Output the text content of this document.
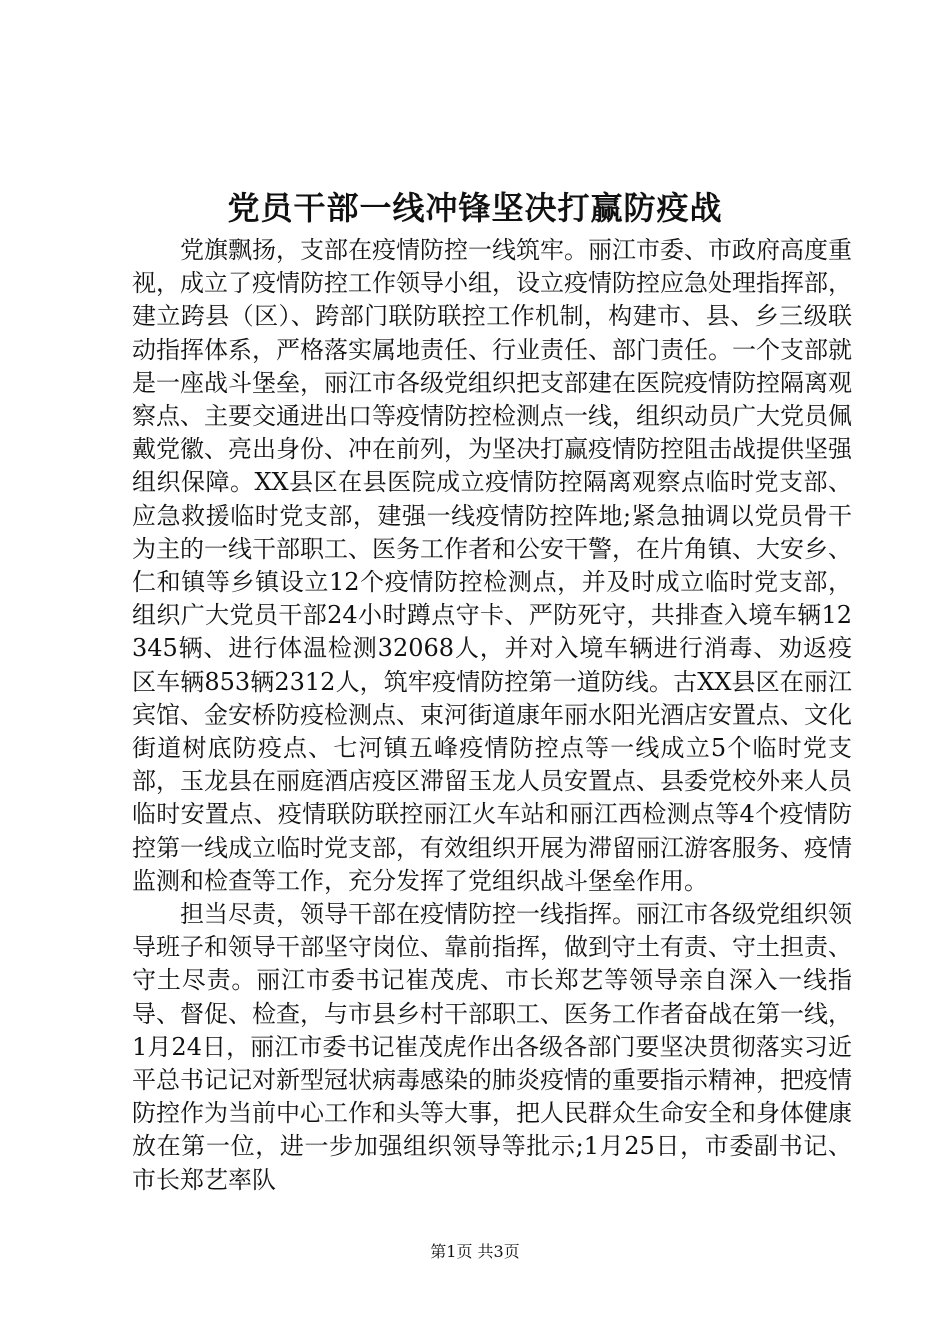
党员干部一线冲锋坚决打赢防疫战

党旗飘扬，支部在疫情防控一线筑牢。丽江市委、市政府高度重视，成立了疫情防控工作领导小组，设立疫情防控应急处理指挥部，建立跨县（区）、跨部门联防联控工作机制，构建市、县、乡三级联动指挥体系，严格落实属地责任、行业责任、部门责任。一个支部就是一座战斗堡垒，丽江市各级党组织把支部建在医院疫情防控隔离观察点、主要交通进出口等疫情防控检测点一线，组织动员广大党员佩戴党徽、亮出身份、冲在前列，为坚决打赢疫情防控阻击战提供坚强组织保障。XX县区在县医院成立疫情防控隔离观察点临时党支部、应急救援临时党支部，建强一线疫情防控阵地;紧急抽调以党员骨干为主的一线干部职工、医务工作者和公安干警，在片角镇、大安乡、仁和镇等乡镇设立12个疫情防控检测点，并及时成立临时党支部，组织广大党员干部24小时蹲点守卡、严防死守，共排查入境车辆12345辆、进行体温检测32068人，并对入境车辆进行消毒、劝返疫区车辆853辆2312人，筑牢疫情防控第一道防线。古XX县区在丽江宾馆、金安桥防疫检测点、束河街道康年丽水阳光酒店安置点、文化街道树底防疫点、七河镇五峰疫情防控点等一线成立5个临时党支部，玉龙县在丽庭酒店疫区滞留玉龙人员安置点、县委党校外来人员临时安置点、疫情联防联控丽江火车站和丽江西检测点等4个疫情防控第一线成立临时党支部，有效组织开展为滞留丽江游客服务、疫情监测和检查等工作，充分发挥了党组织战斗堡垒作用。

担当尽责，领导干部在疫情防控一线指挥。丽江市各级党组织领导班子和领导干部坚守岗位、靠前指挥，做到守土有责、守土担责、守土尽责。丽江市委书记崔茂虎、市长郑艺等领导亲自深入一线指导、督促、检查，与市县乡村干部职工、医务工作者奋战在第一线，1月24日，丽江市委书记崔茂虎作出各级各部门要坚决贯彻落实习近平总书记记对新型冠状病毒感染的肺炎疫情的重要指示精神，把疫情防控作为当前中心工作和头等大事，把人民群众生命安全和身体健康放在第一位，进一步加强组织领导等批示;1月25日，市委副书记、市长郑艺率队

第1页 共3页
